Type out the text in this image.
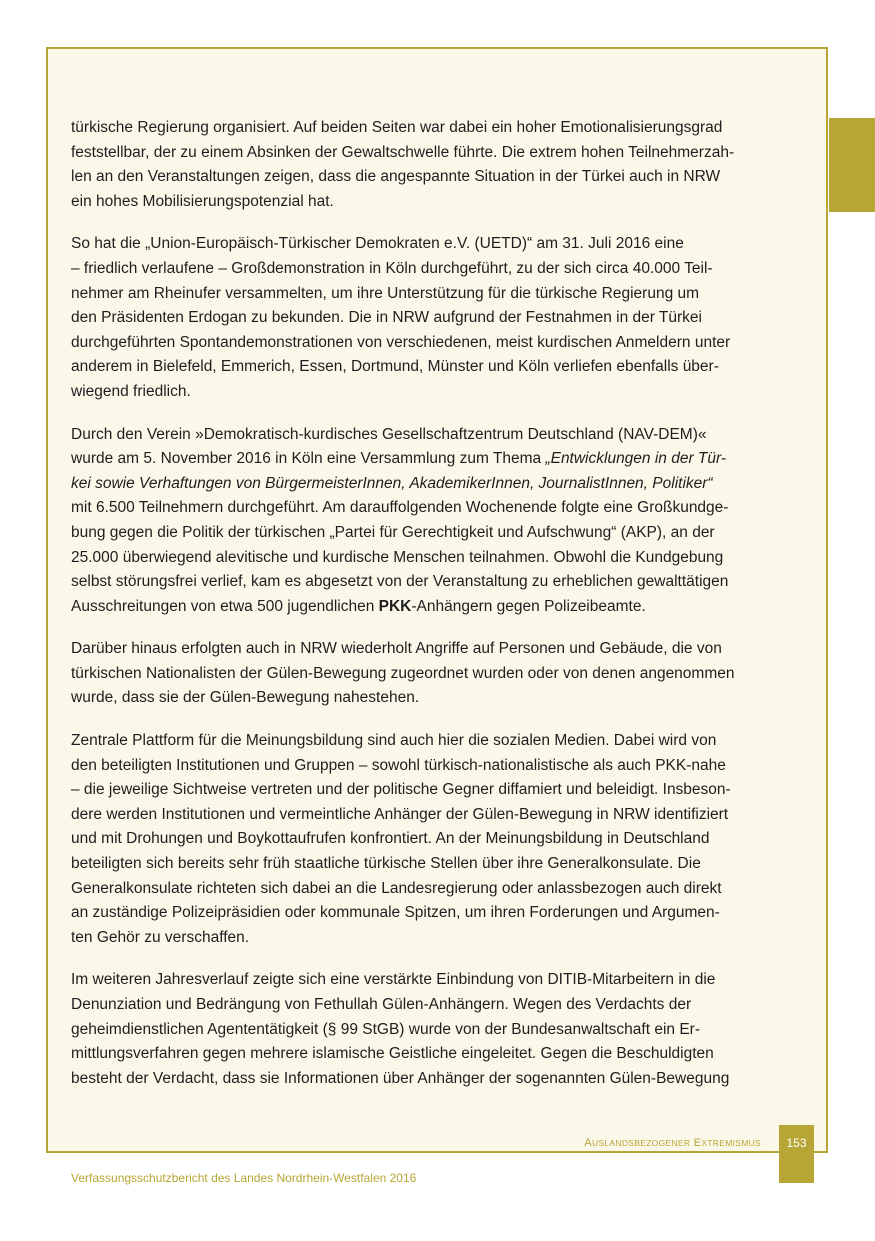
türkische Regierung organisiert. Auf beiden Seiten war dabei ein hoher Emotionalisierungsgrad
feststellbar, der zu einem Absinken der Gewaltschwelle führte. Die extrem hohen Teilnehmerzah-
len an den Veranstaltungen zeigen, dass die angespannte Situation in der Türkei auch in NRW
ein hohes Mobilisierungspotenzial hat.

So hat die „Union-Europäisch-Türkischer Demokraten e.V. (UETD)“ am 31. Juli 2016 eine
– friedlich verlaufene – Großdemonstration in Köln durchgeführt, zu der sich circa 40.000 Teil-
nehmer am Rheinufer versammelten, um ihre Unterstützung für die türkische Regierung um
den Präsidenten Erdogan zu bekunden. Die in NRW aufgrund der Festnahmen in der Türkei
durchgeführten Spontandemonstrationen von verschiedenen, meist kurdischen Anmeldern unter
anderem in Bielefeld, Emmerich, Essen, Dortmund, Münster und Köln verliefen ebenfalls über-
wiegend friedlich.

Durch den Verein »Demokratisch-kurdisches Gesellschaftzentrum Deutschland (NAV-DEM)«
wurde am 5. November 2016 in Köln eine Versammlung zum Thema „Entwicklungen in der Tür-
kei sowie Verhaftungen von BürgermeisterInnen, AkademikerInnen, JournalistInnen, Politiker“
mit 6.500 Teilnehmern durchgeführt. Am darauffolgenden Wochenende folgte eine Großkundge-
bung gegen die Politik der türkischen „Partei für Gerechtigkeit und Aufschwung“ (AKP), an der
25.000 überwiegend alevitische und kurdische Menschen teilnahmen. Obwohl die Kundgebung
selbst störungsfrei verlief, kam es abgesetzt von der Veranstaltung zu erheblichen gewalttätigen
Ausschreitungen von etwa 500 jugendlichen PKK-Anhängern gegen Polizeibeamte.

Darüber hinaus erfolgten auch in NRW wiederholt Angriffe auf Personen und Gebäude, die von
türkischen Nationalisten der Gülen-Bewegung zugeordnet wurden oder von denen angenommen
wurde, dass sie der Gülen-Bewegung nahestehen.

Zentrale Plattform für die Meinungsbildung sind auch hier die sozialen Medien. Dabei wird von
den beteiligten Institutionen und Gruppen – sowohl türkisch-nationalistische als auch PKK-nahe
– die jeweilige Sichtweise vertreten und der politische Gegner diffamiert und beleidigt. Insbeson-
dere werden Institutionen und vermeintliche Anhänger der Gülen-Bewegung in NRW identifiziert
und mit Drohungen und Boykottaufrufen konfrontiert. An der Meinungsbildung in Deutschland
beteiligten sich bereits sehr früh staatliche türkische Stellen über ihre Generalkonsulate. Die
Generalkonsulate richteten sich dabei an die Landesregierung oder anlassbezogen auch direkt
an zuständige Polizeipräsidien oder kommunale Spitzen, um ihren Forderungen und Argumen-
ten Gehör zu verschaffen.

Im weiteren Jahresverlauf zeigte sich eine verstärkte Einbindung von DITIB-Mitarbeitern in die
Denunziation und Bedrängung von Fethullah Gülen-Anhängern. Wegen des Verdachts der
geheimdienstlichen Agententätigkeit (§ 99 StGB) wurde von der Bundesanwaltschaft ein Er-
mittlungsverfahren gegen mehrere islamische Geistliche eingeleitet. Gegen die Beschuldigten
besteht der Verdacht, dass sie Informationen über Anhänger der sogenannten Gülen-Bewegung

AUSLANDSBEZOGENER EXTREMISMUS	153
Verfassungsschutzbericht des Landes Nordrhein-Westfalen 2016
